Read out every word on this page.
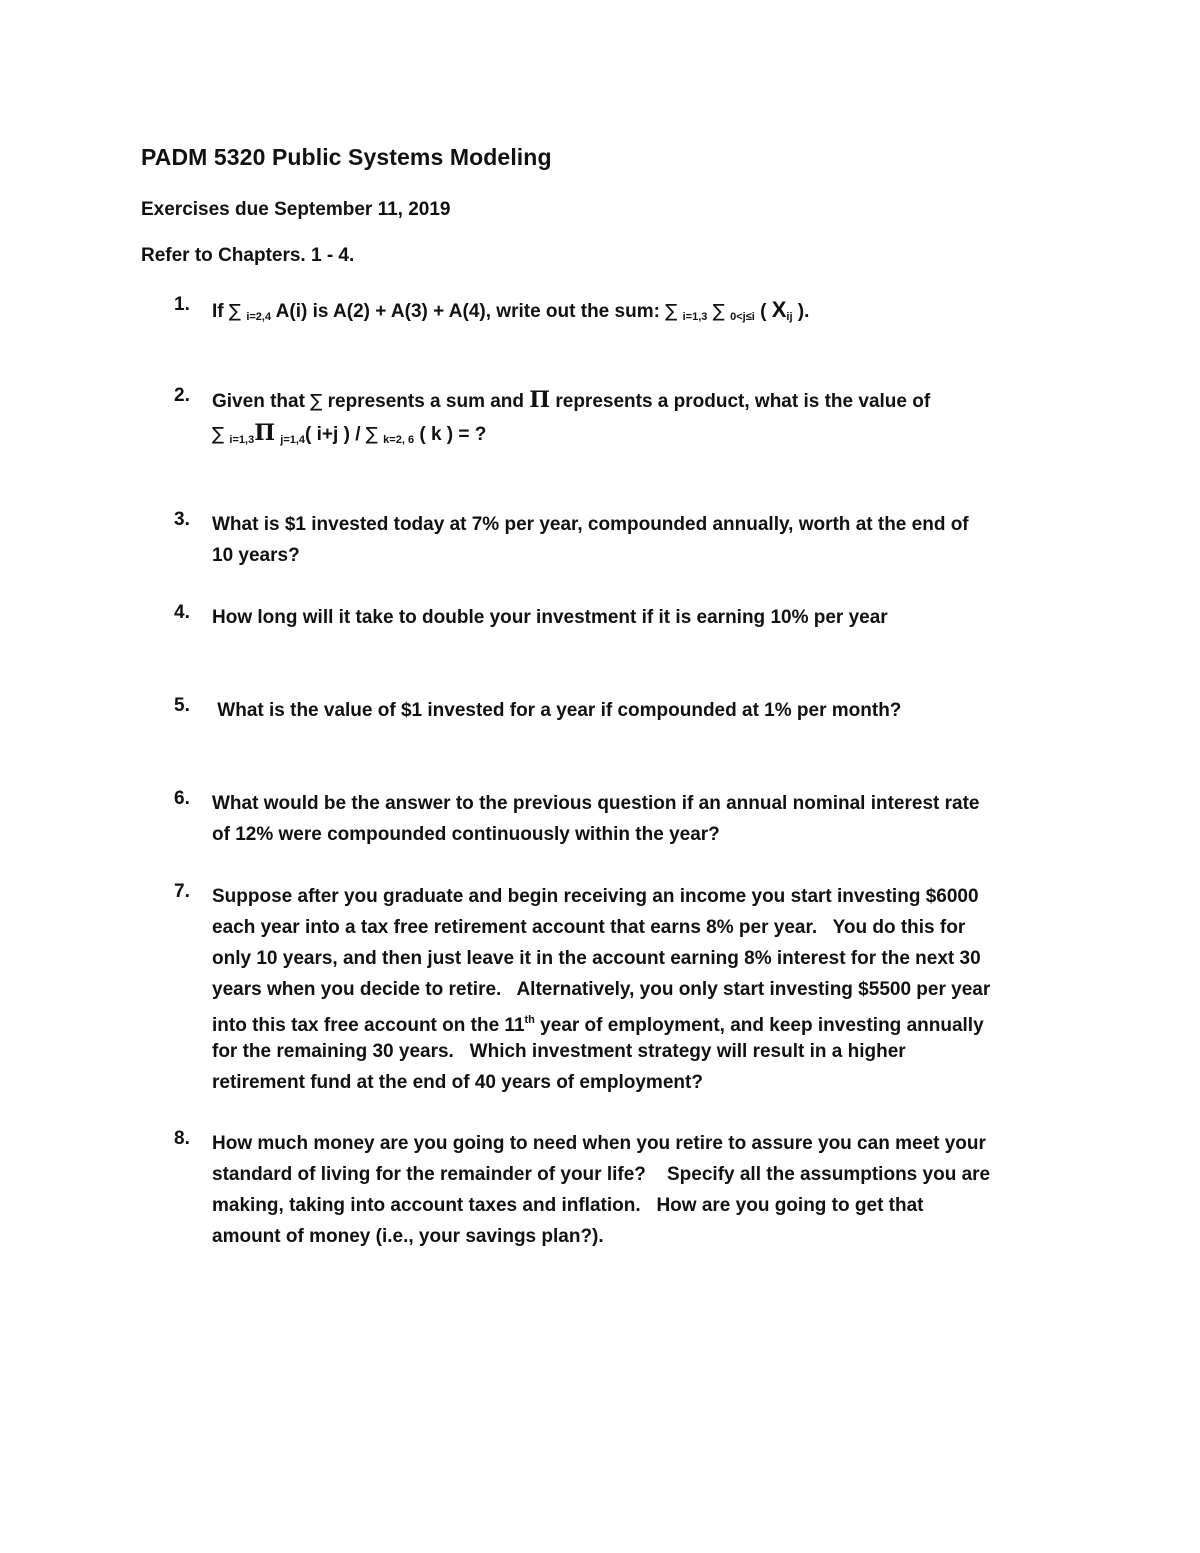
PADM 5320 Public Systems Modeling
Exercises due September 11, 2019
Refer to Chapters. 1 - 4.
1.	If ∑ $_{i=2,4}$ A(i) is A(2) + A(3) + A(4), write out the sum: ∑ $_{i=1,3}$ ∑ $_{0<j\le i}$ ( $X_{ij}$ ).
2.	Given that ∑ represents a sum and Π represents a product, what is the value of
∑ $_{i=1,3}$Π $_{j=1,4}$( i+j ) / ∑ $_{k=2, 6}$ ( k ) = ?
3.	What is $1 invested today at 7% per year, compounded annually, worth at the end of
10 years?
4.	How long will it take to double your investment if it is earning 10% per year
5.	What is the value of $1 invested for a year if compounded at 1% per month?
6.	What would be the answer to the previous question if an annual nominal interest rate
of 12% were compounded continuously within the year?
7.	Suppose after you graduate and begin receiving an income you start investing $6000
each year into a tax free retirement account that earns 8% per year.   You do this for
only 10 years, and then just leave it in the account earning 8% interest for the next 30
years when you decide to retire.   Alternatively, you only start investing $5500 per year
into this tax free account on the 11th year of employment, and keep investing annually
for the remaining 30 years.   Which investment strategy will result in a higher
retirement fund at the end of 40 years of employment?
8.	How much money are you going to need when you retire to assure you can meet your
standard of living for the remainder of your life?    Specify all the assumptions you are
making, taking into account taxes and inflation.   How are you going to get that
amount of money (i.e., your savings plan?).
